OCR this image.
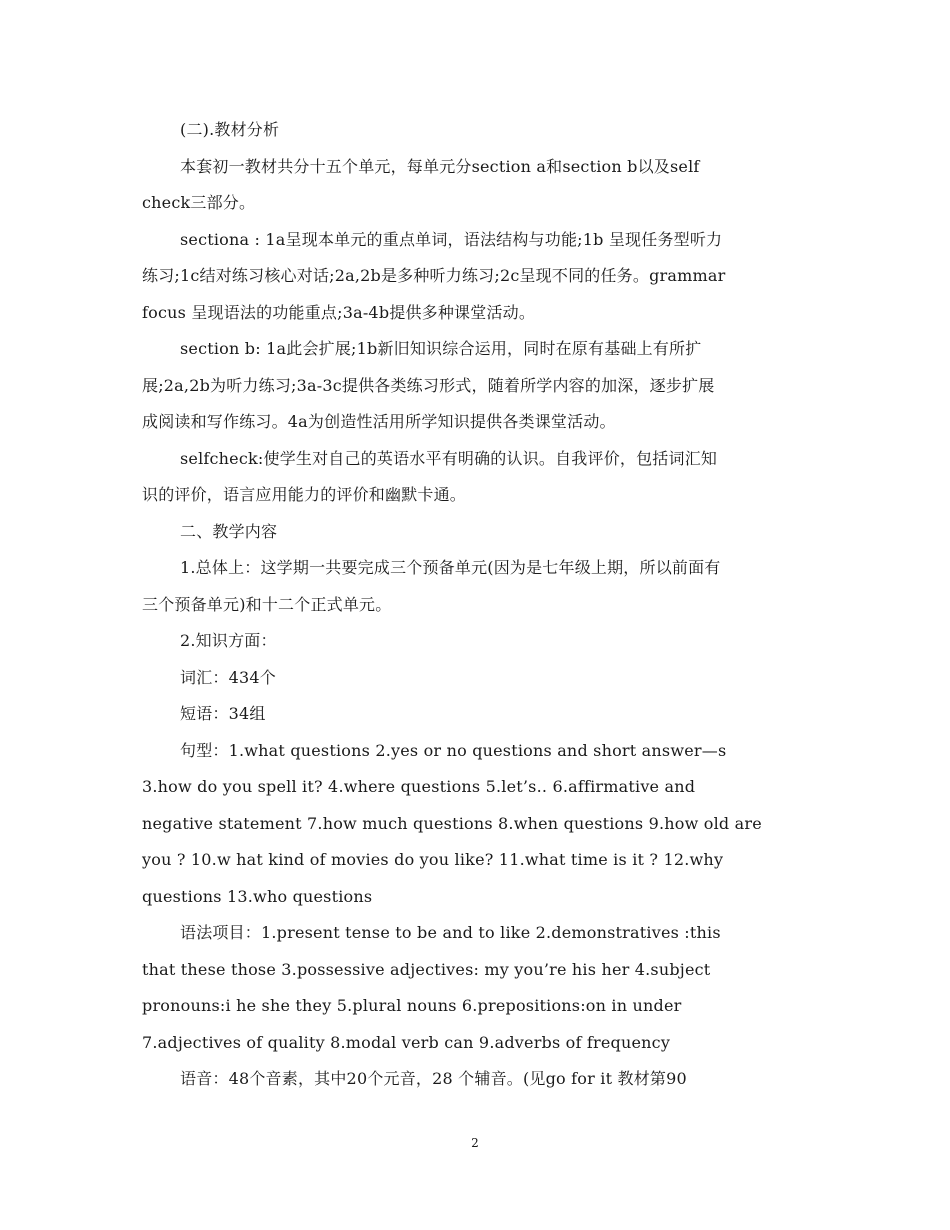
(二).教材分析
本套初一教材共分十五个单元，每单元分section a和section b以及self
check三部分。
sectiona : 1a呈现本单元的重点单词，语法结构与功能;1b 呈现任务型听力
练习;1c结对练习核心对话;2a,2b是多种听力练习;2c呈现不同的任务。grammar
focus 呈现语法的功能重点;3a-4b提供多种课堂活动。
section b: 1a此会扩展;1b新旧知识综合运用，同时在原有基础上有所扩
展;2a,2b为听力练习;3a-3c提供各类练习形式，随着所学内容的加深，逐步扩展
成阅读和写作练习。4a为创造性活用所学知识提供各类课堂活动。
selfcheck:使学生对自己的英语水平有明确的认识。自我评价，包括词汇知
识的评价，语言应用能力的评价和幽默卡通。
二、教学内容
1.总体上：这学期一共要完成三个预备单元(因为是七年级上期，所以前面有
三个预备单元)和十二个正式单元。
2.知识方面：
词汇：434个
短语：34组
句型：1.what questions 2.yes or no questions and short answer—s
3.how do you spell it? 4.where questions 5.let’s.. 6.affirmative and
negative statement 7.how much questions 8.when questions 9.how old are
you ? 10.w hat kind of movies do you like? 11.what time is it ? 12.why
questions 13.who questions
语法项目：1.present tense to be and to like 2.demonstratives :this
that these those 3.possessive adjectives: my you’re his her 4.subject
pronouns:i he she they 5.plural nouns 6.prepositions:on in under
7.adjectives of quality 8.modal verb can 9.adverbs of frequency
语音：48个音素，其中20个元音，28 个辅音。(见go for it 教材第90
2
